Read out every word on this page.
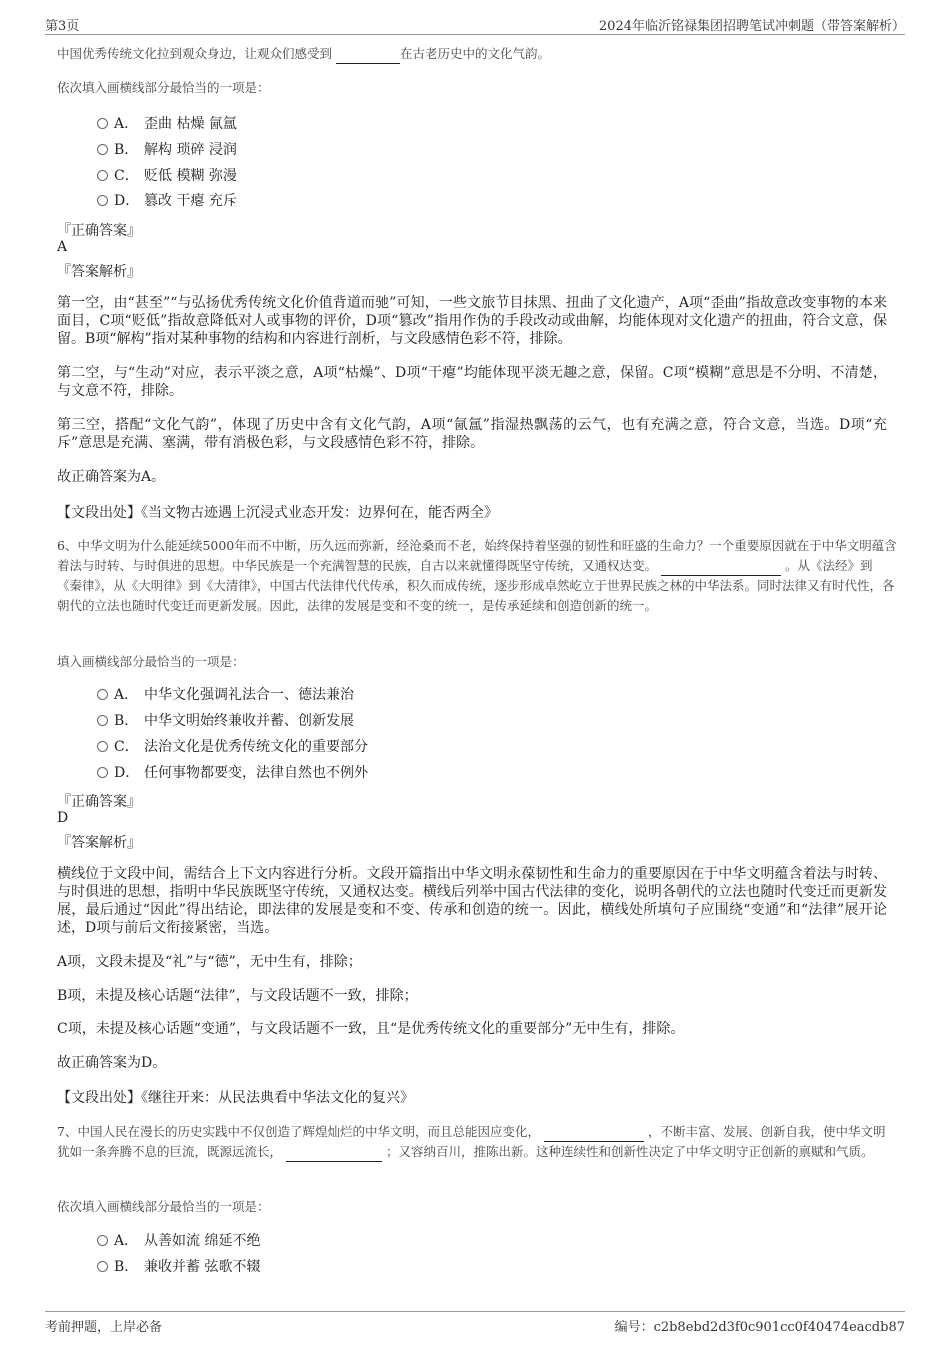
第3页	2024年临沂铭禄集团招聘笔试冲刺题（带答案解析）
中国优秀传统文化拉到观众身边，让观众们感受到	在古老历史中的文化气韵。
依次填入画横线部分最恰当的一项是：
A． 歪曲 枯燥 氤氲
B． 解构 琐碎 浸润
C． 贬低 模糊 弥漫
D． 篡改 干瘪 充斥
『正确答案』
A
『答案解析』
第一空，由“甚至”“与弘扬优秀传统文化价值背道而驰”可知，一些文旅节目抹黑、扭曲了文化遗产，A项“歪曲”指故意改变事物的本来面目，C项“贬低”指故意降低对人或事物的评价，D项“篡改”指用作伪的手段改动或曲解，均能体现对文化遗产的扭曲，符合文意，保留。B项“解构”指对某种事物的结构和内容进行剖析，与文段感情色彩不符，排除。
第二空，与“生动”对应，表示平淡之意，A项“枯燥”、D项“干瘪”均能体现平淡无趣之意，保留。C项“模糊”意思是不分明、不清楚，与文意不符，排除。
第三空，搭配“文化气韵”，体现了历史中含有文化气韵，A项“氤氲”指湿热飘荡的云气，也有充满之意，符合文意，当选。D项“充斥”意思是充满、塞满，带有消极色彩，与文段感情色彩不符，排除。
故正确答案为A。
【文段出处】《当文物古迹遇上沉浸式业态开发：边界何在，能否两全》
6、中华文明为什么能延续5000年而不中断，历久远而弥新，经沧桑而不老，始终保持着坚强的韧性和旺盛的生命力？一个重要原因就在于中华文明蕴含着法与时转、与时俱进的思想。中华民族是一个充满智慧的民族，自古以来就懂得既坚守传统，又通权达变。	。从《法经》到《秦律》，从《大明律》到《大清律》，中国古代法律代代传承，积久而成传统，逐步形成卓然屹立于世界民族之林的中华法系。同时法律又有时代性，各朝代的立法也随时代变迁而更新发展。因此，法律的发展是变和不变的统一，是传承延续和创造创新的统一。
填入画横线部分最恰当的一项是：
A． 中华文化强调礼法合一、德法兼治
B． 中华文明始终兼收并蓄、创新发展
C． 法治文化是优秀传统文化的重要部分
D． 任何事物都要变，法律自然也不例外
『正确答案』
D
『答案解析』
横线位于文段中间，需结合上下文内容进行分析。文段开篇指出中华文明永葆韧性和生命力的重要原因在于中华文明蕴含着法与时转、与时俱进的思想，指明中华民族既坚守传统，又通权达变。横线后列举中国古代法律的变化，说明各朝代的立法也随时代变迁而更新发展，最后通过“因此”得出结论，即法律的发展是变和不变、传承和创造的统一。因此，横线处所填句子应围绕“变通”和“法律”展开论述，D项与前后文衔接紧密，当选。
A项，文段未提及“礼”与“德”，无中生有，排除；
B项，未提及核心话题“法律”，与文段话题不一致，排除；
C项，未提及核心话题“变通”，与文段话题不一致，且“是优秀传统文化的重要部分”无中生有，排除。
故正确答案为D。
【文段出处】《继往开来：从民法典看中华法文化的复兴》
7、中国人民在漫长的历史实践中不仅创造了辉煌灿烂的中华文明，而且总能因应变化，	，不断丰富、发展、创新自我，使中华文明犹如一条奔腾不息的巨流，既源远流长，	；又容纳百川，推陈出新。这种连续性和创新性决定了中华文明守正创新的禀赋和气质。
依次填入画横线部分最恰当的一项是：
A． 从善如流 绵延不绝
B． 兼收并蓄 弦歌不辍
考前押题，上岸必备	编号：c2b8ebd2d3f0c901cc0f40474eacdb87
